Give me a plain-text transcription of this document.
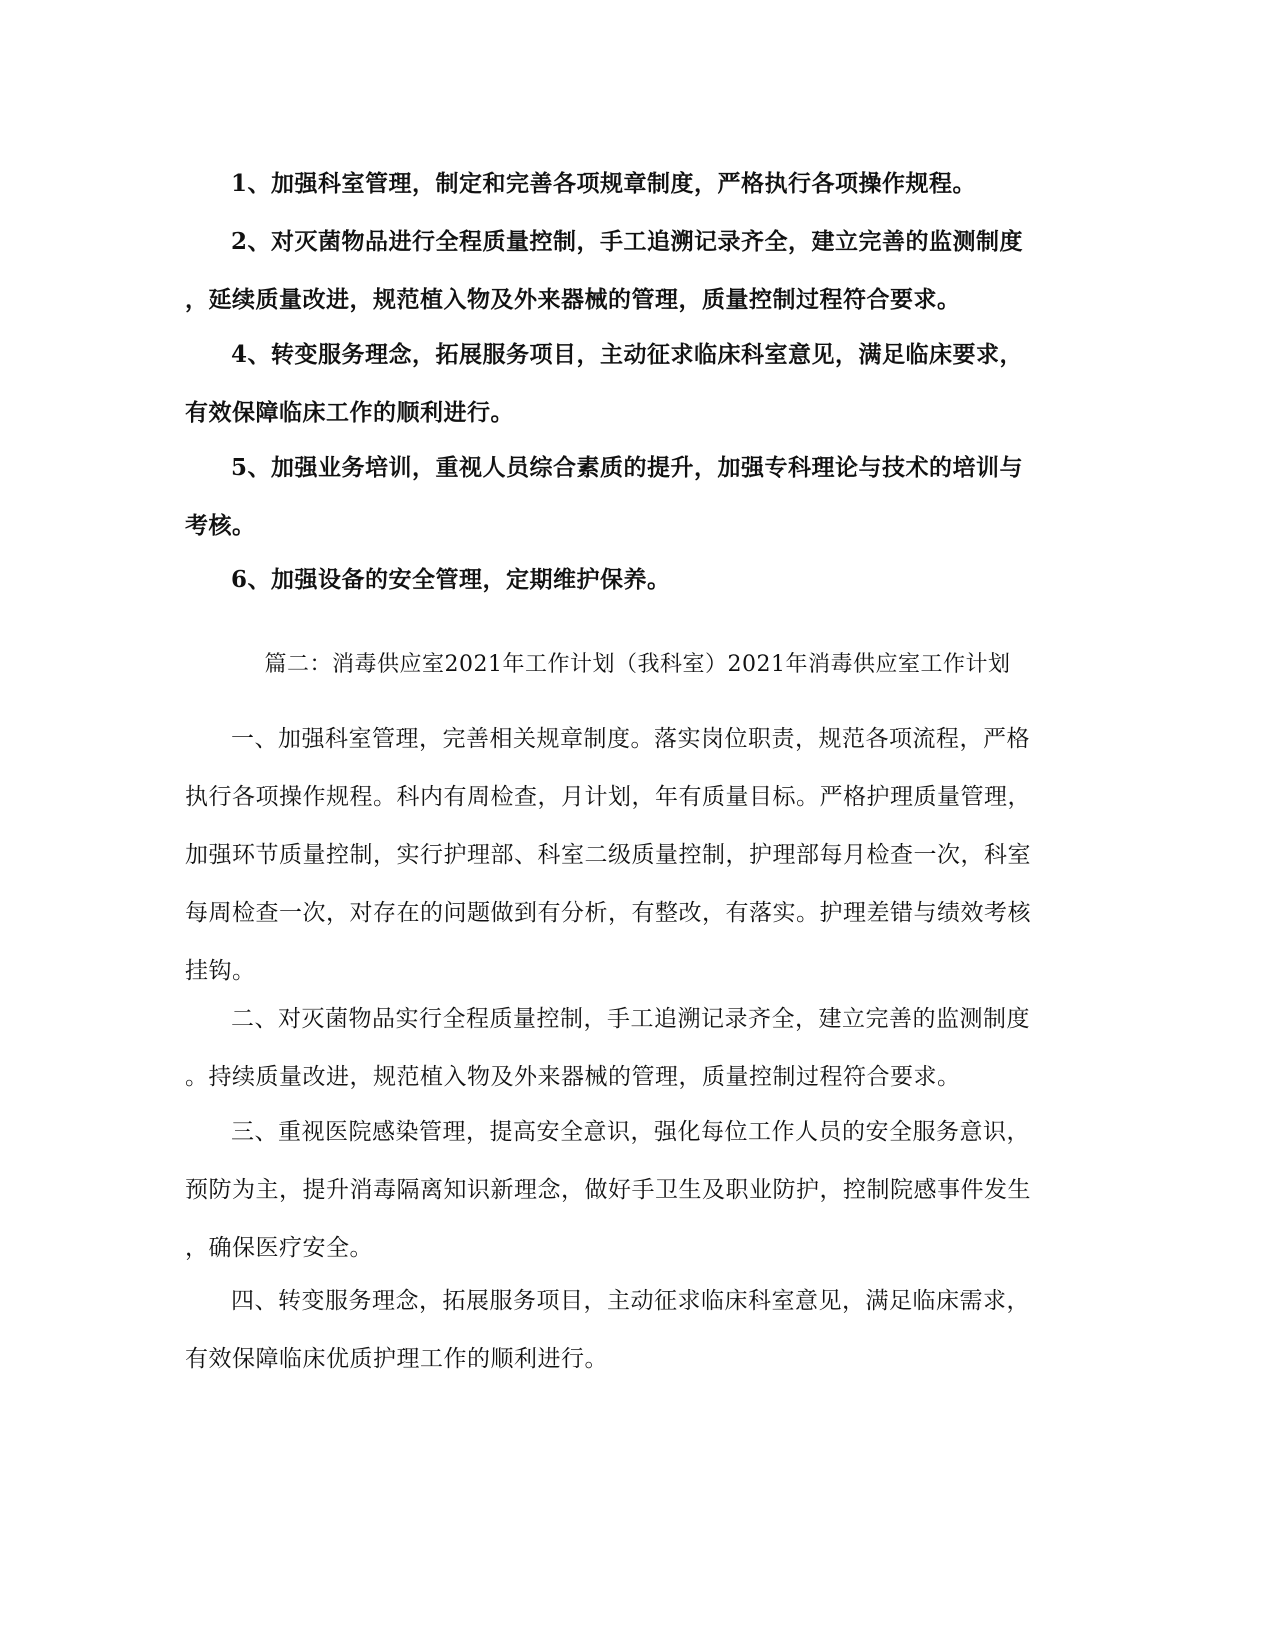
1、加强科室管理，制定和完善各项规章制度，严格执行各项操作规程。

2、对灭菌物品进行全程质量控制，手工追溯记录齐全，建立完善的监测制度
，延续质量改进，规范植入物及外来器械的管理，质量控制过程符合要求。

4、转变服务理念，拓展服务项目，主动征求临床科室意见，满足临床要求，
有效保障临床工作的顺利进行。

5、加强业务培训，重视人员综合素质的提升，加强专科理论与技术的培训与
考核。

6、加强设备的安全管理，定期维护保养。

篇二：消毒供应室2021年工作计划（我科室）2021年消毒供应室工作计划

一、加强科室管理，完善相关规章制度。落实岗位职责，规范各项流程，严格
执行各项操作规程。科内有周检查，月计划，年有质量目标。严格护理质量管理，
加强环节质量控制，实行护理部、科室二级质量控制，护理部每月检查一次，科室
每周检查一次，对存在的问题做到有分析，有整改，有落实。护理差错与绩效考核
挂钩。

二、对灭菌物品实行全程质量控制，手工追溯记录齐全，建立完善的监测制度
。持续质量改进，规范植入物及外来器械的管理，质量控制过程符合要求。

三、重视医院感染管理，提高安全意识，强化每位工作人员的安全服务意识，
预防为主，提升消毒隔离知识新理念，做好手卫生及职业防护，控制院感事件发生
，确保医疗安全。

四、转变服务理念，拓展服务项目，主动征求临床科室意见，满足临床需求，
有效保障临床优质护理工作的顺利进行。
